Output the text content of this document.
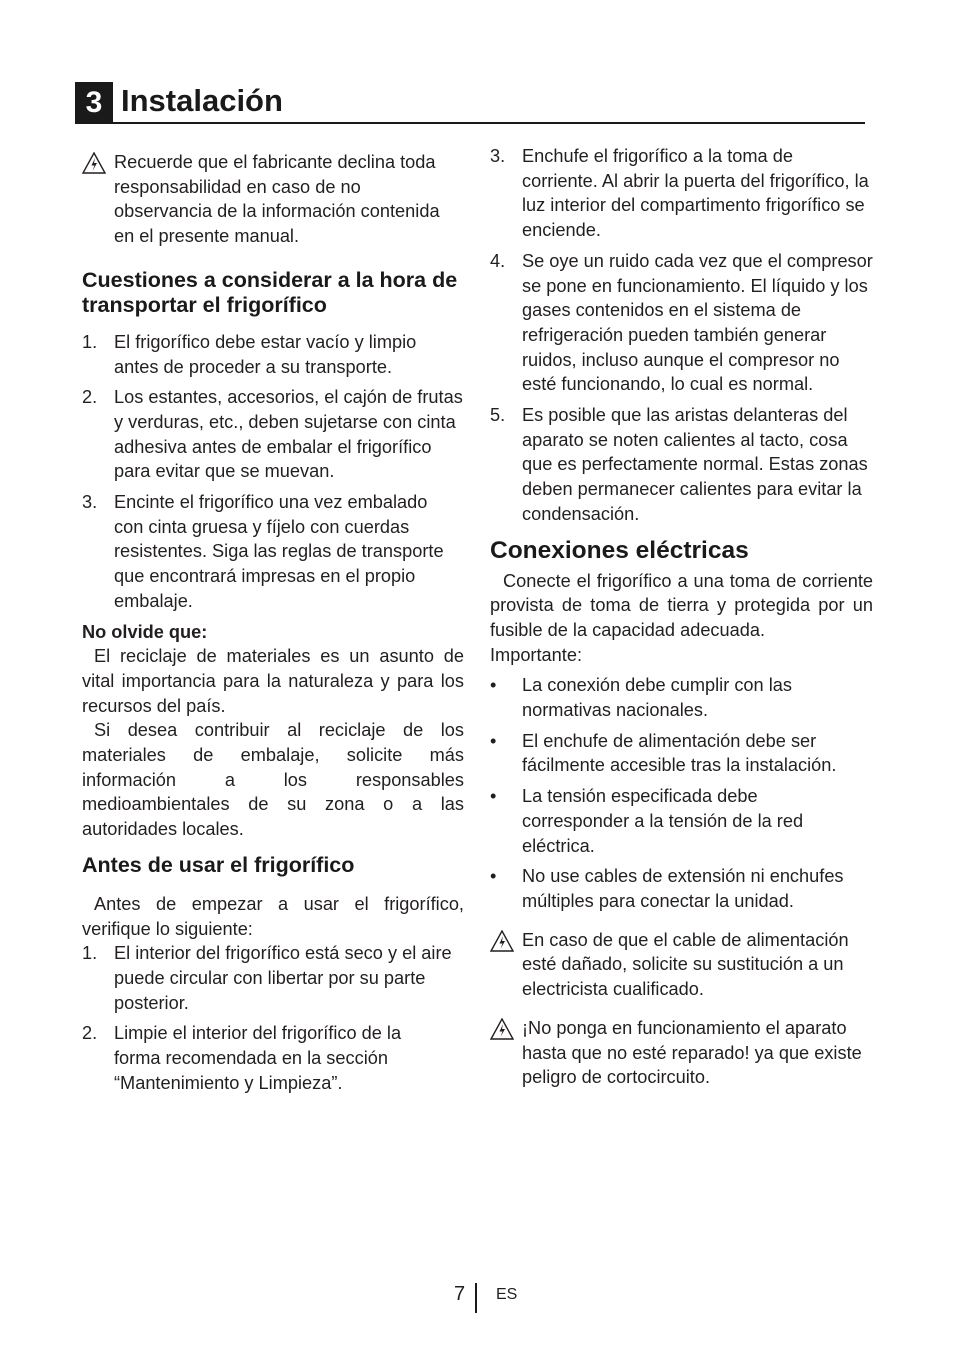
3 Instalación
Recuerde que el fabricante declina toda responsabilidad en caso de no observancia de la información contenida en el presente manual.
Cuestiones a considerar a la hora de transportar el frigorífico
1. El frigorífico debe estar vacío y limpio antes de proceder a su transporte.
2. Los estantes, accesorios, el cajón de frutas y verduras, etc., deben sujetarse con cinta adhesiva antes de embalar el frigorífico para evitar que se muevan.
3. Encinte el frigorífico una vez embalado con cinta gruesa y fíjelo con cuerdas resistentes. Siga las reglas de transporte que encontrará impresas en el propio embalaje.
No olvide que:
El reciclaje de materiales es un asunto de vital importancia para la naturaleza y para los recursos del país.
Si desea contribuir al reciclaje de los materiales de embalaje, solicite más información a los responsables medioambientales de su zona o a las autoridades locales.
Antes de usar el frigorífico
Antes de empezar a usar el frigorífico, verifique lo siguiente:
1. El interior del frigorífico está seco y el aire puede circular con libertar por su parte posterior.
2. Limpie el interior del frigorífico de la forma recomendada en la sección “Mantenimiento y Limpieza”.
3. Enchufe el frigorífico a la toma de corriente. Al abrir la puerta del frigorífico, la luz interior del compartimento frigorífico se enciende.
4. Se oye un ruido cada vez que el compresor se pone en funcionamiento. El líquido y los gases contenidos en el sistema de refrigeración pueden también generar ruidos, incluso aunque el compresor no esté funcionando, lo cual es normal.
5. Es posible que las aristas delanteras del aparato se noten calientes al tacto, cosa que es perfectamente normal. Estas zonas deben permanecer calientes para evitar la condensación.
Conexiones eléctricas
Conecte el frigorífico a una toma de corriente provista de toma de tierra y protegida por un fusible de la capacidad adecuada.
Importante:
• La conexión debe cumplir con las normativas nacionales.
• El enchufe de alimentación debe ser fácilmente accesible tras la instalación.
• La tensión especificada debe corresponder a la tensión de la red eléctrica.
• No use cables de extensión ni enchufes múltiples para conectar la unidad.
En caso de que el cable de alimentación esté dañado, solicite su sustitución a un electricista cualificado.
¡No ponga en funcionamiento el aparato hasta que no esté reparado! ya que existe peligro de cortocircuito.
7 ES
